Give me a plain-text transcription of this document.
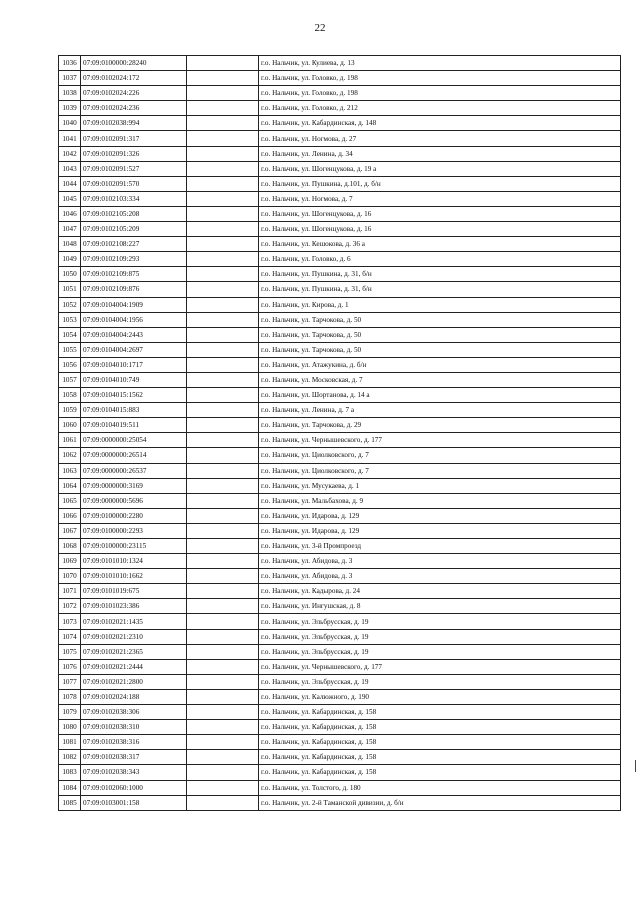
22
1036	07:09:0100000:28240		г.о. Нальчик, ул. Кулиева, д. 13
1037	07:09:0102024:172		г.о. Нальчик, ул. Головко, д. 198
1038	07:09:0102024:226		г.о. Нальчик, ул. Головко, д. 198
1039	07:09:0102024:236		г.о. Нальчик, ул. Головко, д. 212
1040	07:09:0102038:994		г.о. Нальчик, ул. Кабардинская, д. 148
1041	07:09:0102091:317		г.о. Нальчик, ул. Ногмова, д. 27
1042	07:09:0102091:326		г.о. Нальчик, ул. Ленина, д. 34
1043	07:09:0102091:527		г.о. Нальчик, ул. Шогенцукова, д. 19 а
1044	07:09:0102091:570		г.о. Нальчик, ул. Пушкина, д.101, д. б/н
1045	07:09:0102103:334		г.о. Нальчик, ул. Ногмова, д. 7
1046	07:09:0102105:208		г.о. Нальчик, ул. Шогенцукова, д. 16
1047	07:09:0102105:209		г.о. Нальчик, ул. Шогенцукова, д. 16
1048	07:09:0102108:227		г.о. Нальчик, ул. Кешокова, д. 36 а
1049	07:09:0102109:293		г.о. Нальчик, ул. Головко, д. 6
1050	07:09:0102109:875		г.о. Нальчик, ул. Пушкина, д. 31, б/н
1051	07:09:0102109:876		г.о. Нальчик, ул. Пушкина, д. 31, б/н
1052	07:09:0104004:1909		г.о. Нальчик, ул. Кирова, д. 1
1053	07:09:0104004:1956		г.о. Нальчик, ул. Тарчокова, д. 50
1054	07:09:0104004:2443		г.о. Нальчик, ул. Тарчокова, д. 50
1055	07:09:0104004:2697		г.о. Нальчик, ул. Тарчокова, д. 50
1056	07:09:0104010:1717		г.о. Нальчик, ул. Атажукина, д. б/н
1057	07:09:0104010:749		г.о. Нальчик, ул. Московская, д. 7
1058	07:09:0104015:1562		г.о. Нальчик, ул. Шортанова, д. 14 а
1059	07:09:0104015:883		г.о. Нальчик, ул. Ленина, д. 7 а
1060	07:09:0104019:511		г.о. Нальчик, ул. Тарчокова, д. 29
1061	07:09:0000000:25054		г.о. Нальчик, ул. Чернышевского, д. 177
1062	07:09:0000000:26514		г.о. Нальчик, ул. Циолковского, д. 7
1063	07:09:0000000:26537		г.о. Нальчик, ул. Циолковского, д. 7
1064	07:09:0000000:3169		г.о. Нальчик, ул. Мусукаева, д. 1
1065	07:09:0000000:5696		г.о. Нальчик, ул. Мальбахова, д. 9
1066	07:09:0100000:2280		г.о. Нальчик, ул. Идарова, д. 129
1067	07:09:0100000:2293		г.о. Нальчик, ул. Идарова, д. 129
1068	07:09:0100000:23115		г.о. Нальчик, ул. 3-й Промпроезд
1069	07:09:0101010:1324		г.о. Нальчик, ул. Абидова, д. 3
1070	07:09:0101010:1662		г.о. Нальчик, ул. Абидова, д. 3
1071	07:09:0101019:675		г.о. Нальчик, ул. Кадырова, д. 24
1072	07:09:0101023:386		г.о. Нальчик, ул. Ингушская, д. 8
1073	07:09:0102021:1435		г.о. Нальчик, ул. Эльбрусская, д. 19
1074	07:09:0102021:2310		г.о. Нальчик, ул. Эльбрусская, д. 19
1075	07:09:0102021:2365		г.о. Нальчик, ул. Эльбрусская, д. 19
1076	07:09:0102021:2444		г.о. Нальчик, ул. Чернышевского, д. 177
1077	07:09:0102021:2800		г.о. Нальчик, ул. Эльбрусская, д. 19
1078	07:09:0102024:188		г.о. Нальчик, ул. Калюжного, д. 190
1079	07:09:0102038:306		г.о. Нальчик, ул. Кабардинская, д. 158
1080	07:09:0102038:310		г.о. Нальчик, ул. Кабардинская, д. 158
1081	07:09:0102038:316		г.о. Нальчик, ул. Кабардинская, д. 158
1082	07:09:0102038:317		г.о. Нальчик, ул. Кабардинская, д. 158
1083	07:09:0102038:343		г.о. Нальчик, ул. Кабардинская, д. 158
1084	07:09:0102060:1000		г.о. Нальчик, ул. Толстого, д. 180
1085	07:09:0103001:158		г.о. Нальчик, ул. 2-й Таманской дивизии, д. б/н
